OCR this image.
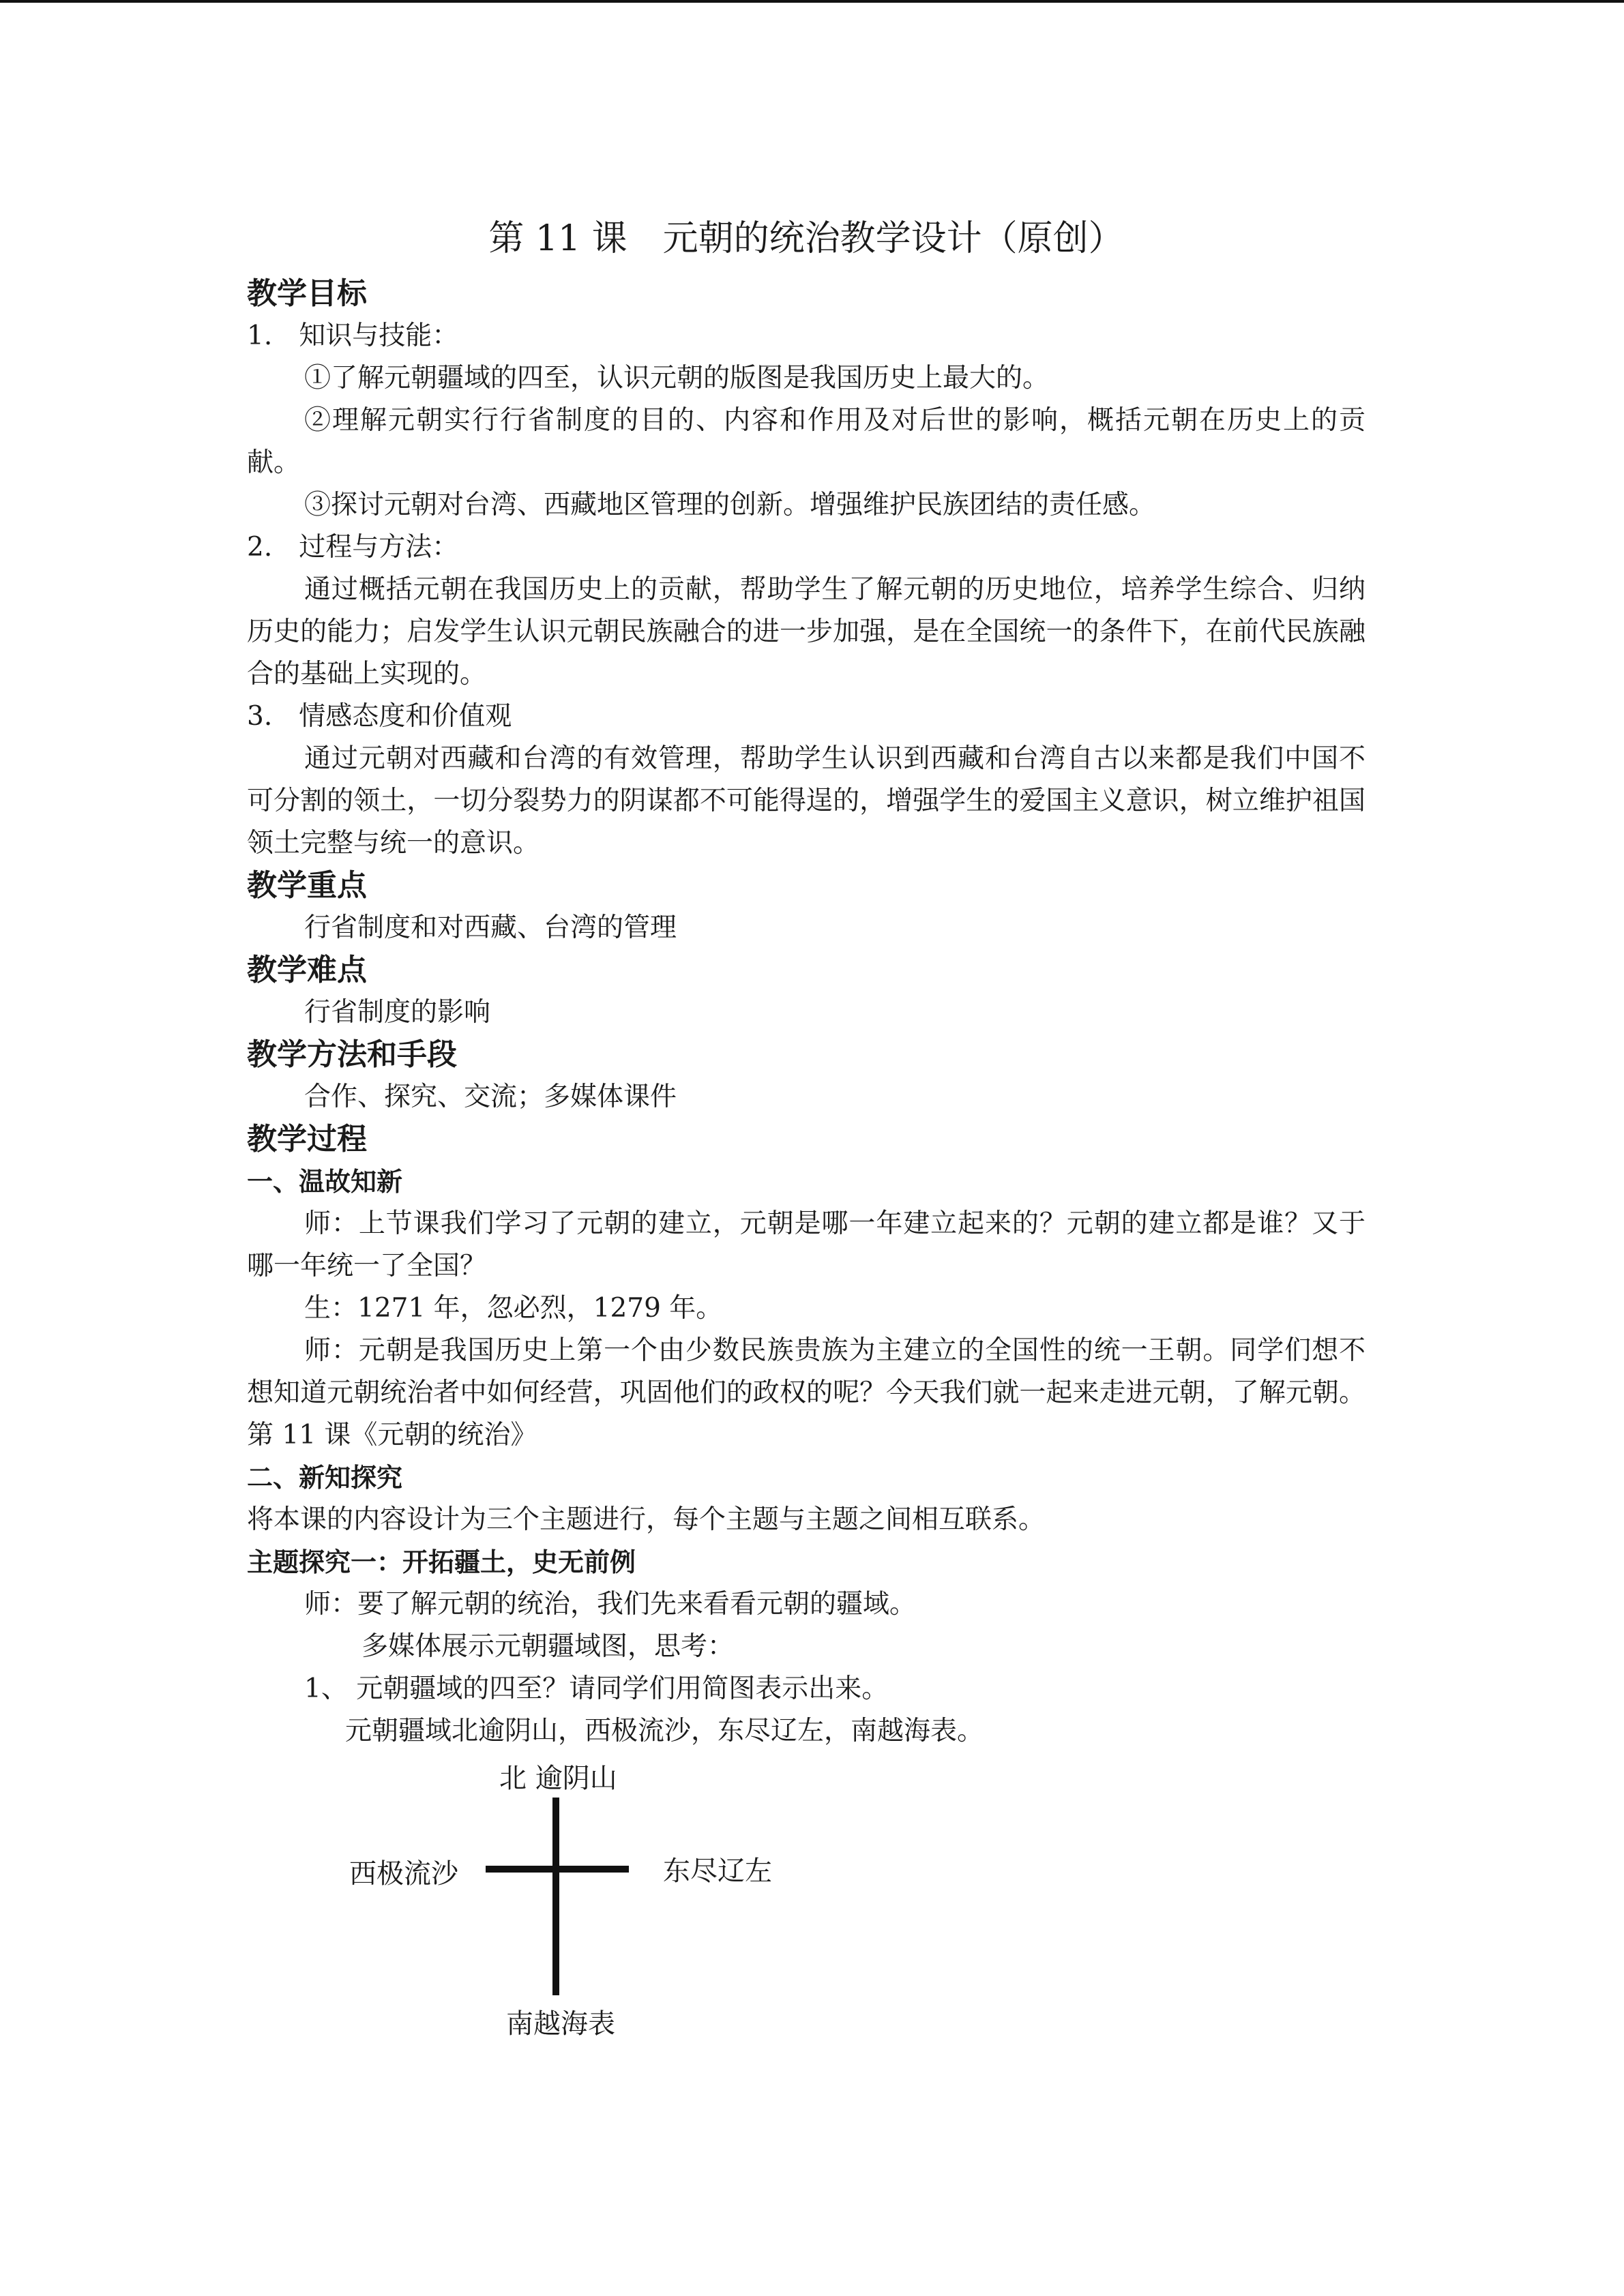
第 11 课　元朝的统治教学设计（原创）
教学目标

1.　知识与技能：

①了解元朝疆域的四至，认识元朝的版图是我国历史上最大的。

②理解元朝实行行省制度的目的、内容和作用及对后世的影响，概括元朝在历史上的贡献。

③探讨元朝对台湾、西藏地区管理的创新。增强维护民族团结的责任感。

2.　过程与方法：

通过概括元朝在我国历史上的贡献，帮助学生了解元朝的历史地位，培养学生综合、归纳历史的能力；启发学生认识元朝民族融合的进一步加强，是在全国统一的条件下，在前代民族融合的基础上实现的。

3.　情感态度和价值观

通过元朝对西藏和台湾的有效管理，帮助学生认识到西藏和台湾自古以来都是我们中国不可分割的领土，一切分裂势力的阴谋都不可能得逞的，增强学生的爱国主义意识，树立维护祖国领土完整与统一的意识。

教学重点

行省制度和对西藏、台湾的管理

教学难点

行省制度的影响

教学方法和手段

合作、探究、交流；多媒体课件

教学过程
一、温故知新

师：上节课我们学习了元朝的建立，元朝是哪一年建立起来的？元朝的建立都是谁？又于哪一年统一了全国？

生：1271 年，忽必烈，1279 年。

师：元朝是我国历史上第一个由少数民族贵族为主建立的全国性的统一王朝。同学们想不想知道元朝统治者中如何经营，巩固他们的政权的呢？今天我们就一起来走进元朝，了解元朝。第 11 课《元朝的统治》

二、新知探究

将本课的内容设计为三个主题进行，每个主题与主题之间相互联系。

主题探究一：开拓疆土，史无前例

师：要了解元朝的统治，我们先来看看元朝的疆域。

多媒体展示元朝疆域图，思考：

1、 元朝疆域的四至？请同学们用简图表示出来。

元朝疆域北逾阴山，西极流沙，东尽辽左，南越海表。

北 逾阴山
西极流沙	东尽辽左
南越海表
